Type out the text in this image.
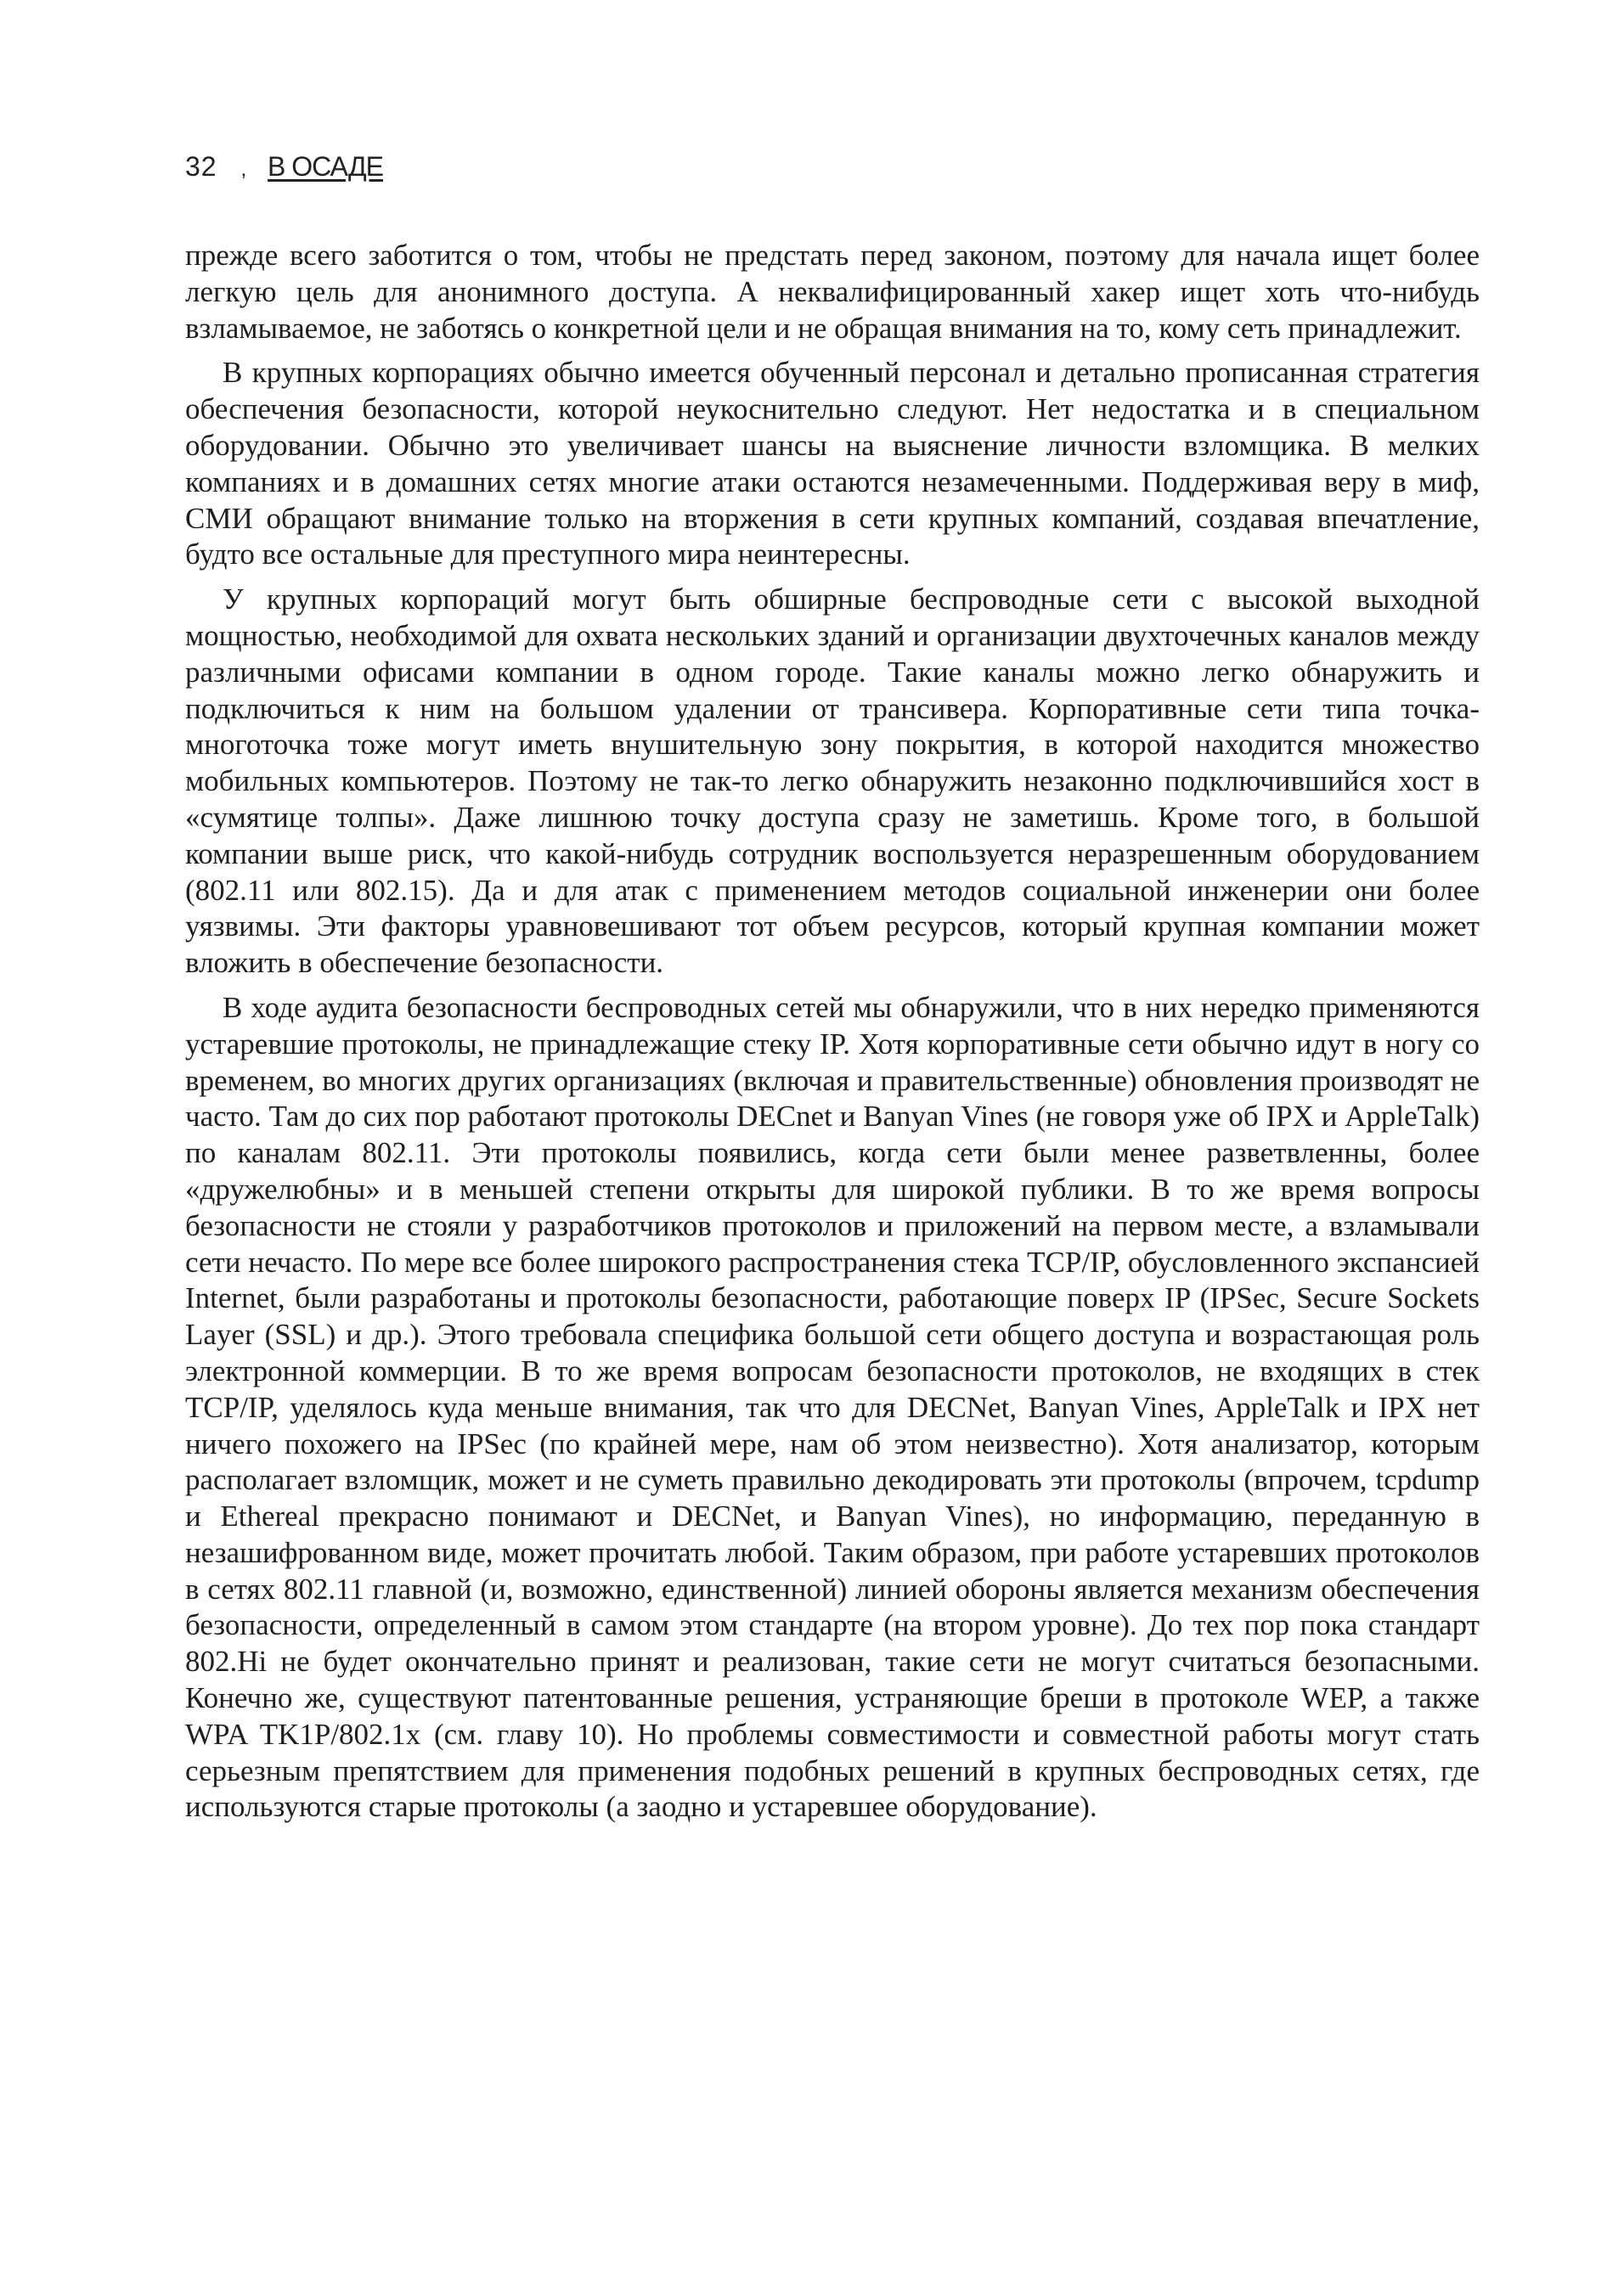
32 , В ОСАДЕ

прежде всего заботится о том, чтобы не предстать перед законом, поэтому для начала ищет более легкую цель для анонимного доступа. А неквалифицированный хакер ищет хоть что-нибудь взламываемое, не заботясь о конкретной цели и не обращая внимания на то, кому сеть принадлежит.

В крупных корпорациях обычно имеется обученный персонал и детально прописанная стратегия обеспечения безопасности, которой неукоснительно следуют. Нет недостатка и в специальном оборудовании. Обычно это увеличивает шансы на выяснение личности взломщика. В мелких компаниях и в домашних сетях многие атаки остаются незамеченными. Поддерживая веру в миф, СМИ обращают внимание только на вторжения в сети крупных компаний, создавая впечатление, будто все остальные для преступного мира неинтересны.

У крупных корпораций могут быть обширные беспроводные сети с высокой выходной мощностью, необходимой для охвата нескольких зданий и организации двухточечных каналов между различными офисами компании в одном городе. Такие каналы можно легко обнаружить и подключиться к ним на большом удалении от трансивера. Корпоративные сети типа точка-многоточка тоже могут иметь внушительную зону покрытия, в которой находится множество мобильных компьютеров. Поэтому не так-то легко обнаружить незаконно подключившийся хост в «сумятице толпы». Даже лишнюю точку доступа сразу не заметишь. Кроме того, в большой компании выше риск, что какой-нибудь сотрудник воспользуется неразрешенным оборудованием (802.11 или 802.15). Да и для атак с применением методов социальной инженерии они более уязвимы. Эти факторы уравновешивают тот объем ресурсов, который крупная компании может вложить в обеспечение безопасности.

В ходе аудита безопасности беспроводных сетей мы обнаружили, что в них нередко применяются устаревшие протоколы, не принадлежащие стеку IP. Хотя корпоративные сети обычно идут в ногу со временем, во многих других организациях (включая и правительственные) обновления производят не часто. Там до сих пор работают протоколы DECnet и Banyan Vines (не говоря уже об IPX и AppleTalk) по каналам 802.11. Эти протоколы появились, когда сети были менее разветвленны, более «дружелюбны» и в меньшей степени открыты для широкой публики. В то же время вопросы безопасности не стояли у разработчиков протоколов и приложений на первом месте, а взламывали сети нечасто. По мере все более широкого распространения стека TCP/IP, обусловленного экспансией Internet, были разработаны и протоколы безопасности, работающие поверх IP (IPSec, Secure Sockets Layer (SSL) и др.). Этого требовала специфика большой сети общего доступа и возрастающая роль электронной коммерции. В то же время вопросам безопасности протоколов, не входящих в стек TCP/IP, уделялось куда меньше внимания, так что для DECNet, Banyan Vines, AppleTalk и IPX нет ничего похожего на IPSec (по крайней мере, нам об этом неизвестно). Хотя анализатор, которым располагает взломщик, может и не суметь правильно декодировать эти протоколы (впрочем, tcpdump и Ethereal прекрасно понимают и DECNet, и Banyan Vines), но информацию, переданную в незашифрованном виде, может прочитать любой. Таким образом, при работе устаревших протоколов в сетях 802.11 главной (и, возможно, единственной) линией обороны является механизм обеспечения безопасности, определенный в самом этом стандарте (на втором уровне). До тех пор пока стандарт 802.Hi не будет окончательно принят и реализован, такие сети не могут считаться безопасными. Конечно же, существуют патентованные решения, устраняющие бреши в протоколе WEP, а также WPA TK1P/802.1x (см. главу 10). Но проблемы совместимости и совместной работы могут стать серьезным препятствием для применения подобных решений в крупных беспроводных сетях, где используются старые протоколы (а заодно и устаревшее оборудование).
